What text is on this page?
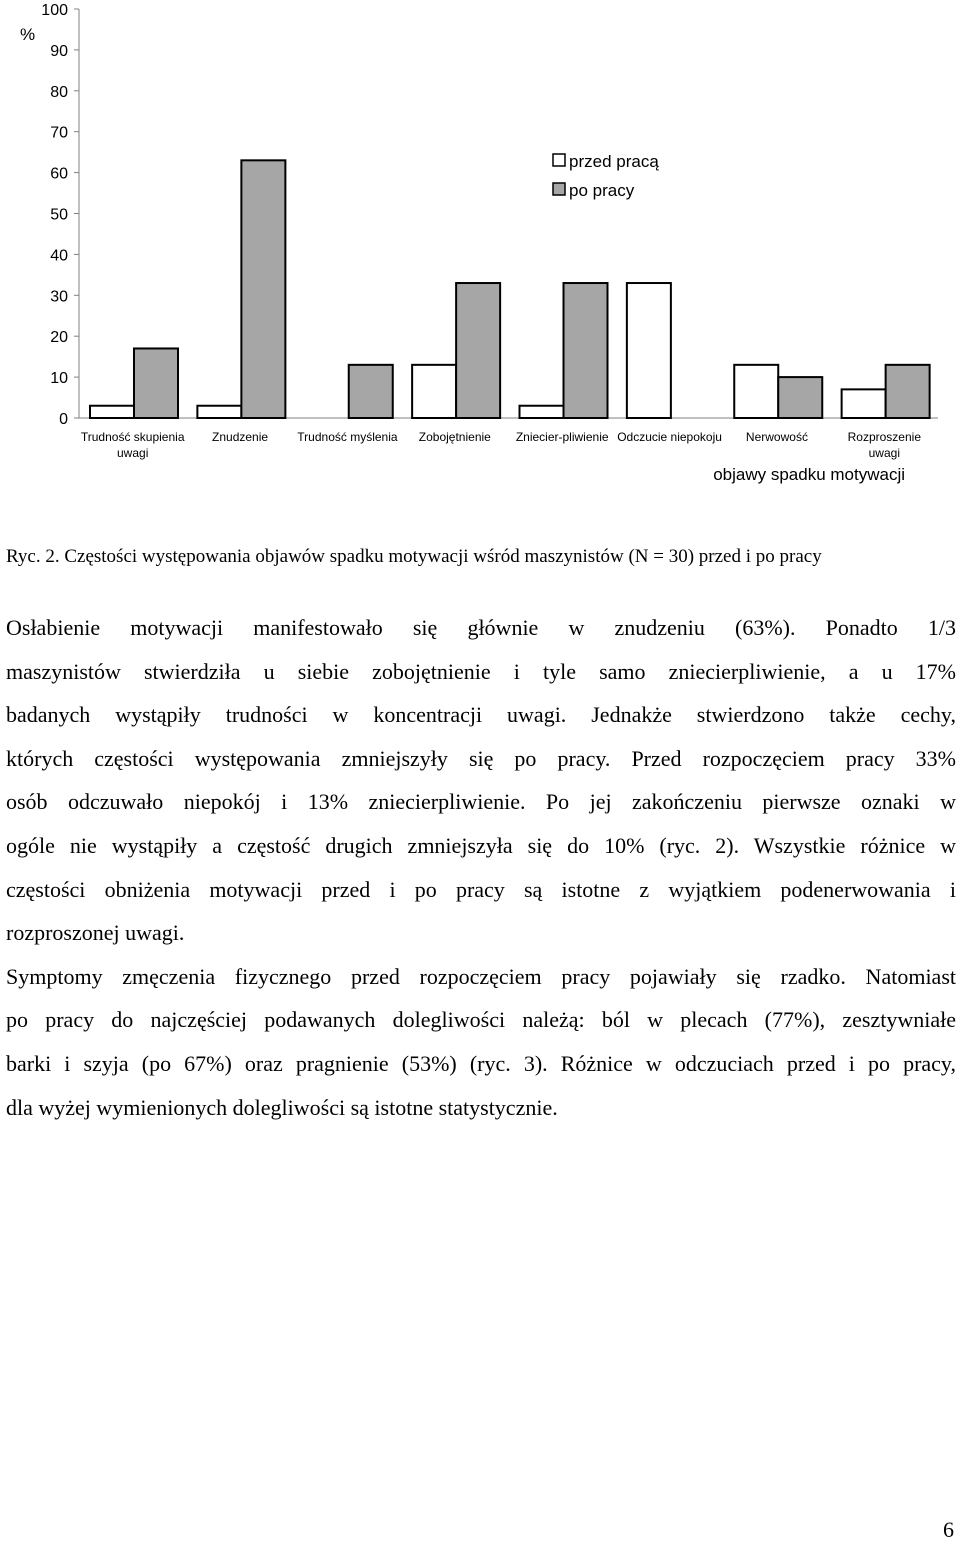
0
10
20
30
40
50
60
70
80
90
100
%
Trudność skupienia
uwagi
Znudzenie Trudność myślenia Zobojętnienie Zniecier-pliwienie Odczucie niepokoju Nerwowość	Rozproszenie
uwagi
objawy spadku motywacji
przed pracą
po pracy
Ryc. 2. Częstości występowania objawów spadku motywacji wśród maszynistów (N = 30) przed i po pracy

Osłabienie motywacji manifestowało się głównie w znudzeniu (63%). Ponadto 1/3
maszynistów stwierdziła u siebie zobojętnienie i tyle samo zniecierpliwienie, a u 17%
badanych wystąpiły trudności w koncentracji uwagi. Jednakże stwierdzono także cechy,
których częstości występowania zmniejszyły się po pracy. Przed rozpoczęciem pracy 33%
osób odczuwało niepokój i 13% zniecierpliwienie. Po jej zakończeniu pierwsze oznaki w
ogóle nie wystąpiły a częstość drugich zmniejszyła się do 10% (ryc. 2). Wszystkie różnice w
częstości obniżenia motywacji przed i po pracy są istotne z wyjątkiem podenerwowania i
rozproszonej uwagi.

Symptomy zmęczenia fizycznego przed rozpoczęciem pracy pojawiały się rzadko. Natomiast
po pracy do najczęściej podawanych dolegliwości należą: ból w plecach (77%), zesztywniałe
barki i szyja (po 67%) oraz pragnienie (53%) (ryc. 3). Różnice w odczuciach przed i po pracy,
dla wyżej wymienionych dolegliwości są istotne statystycznie.

6
